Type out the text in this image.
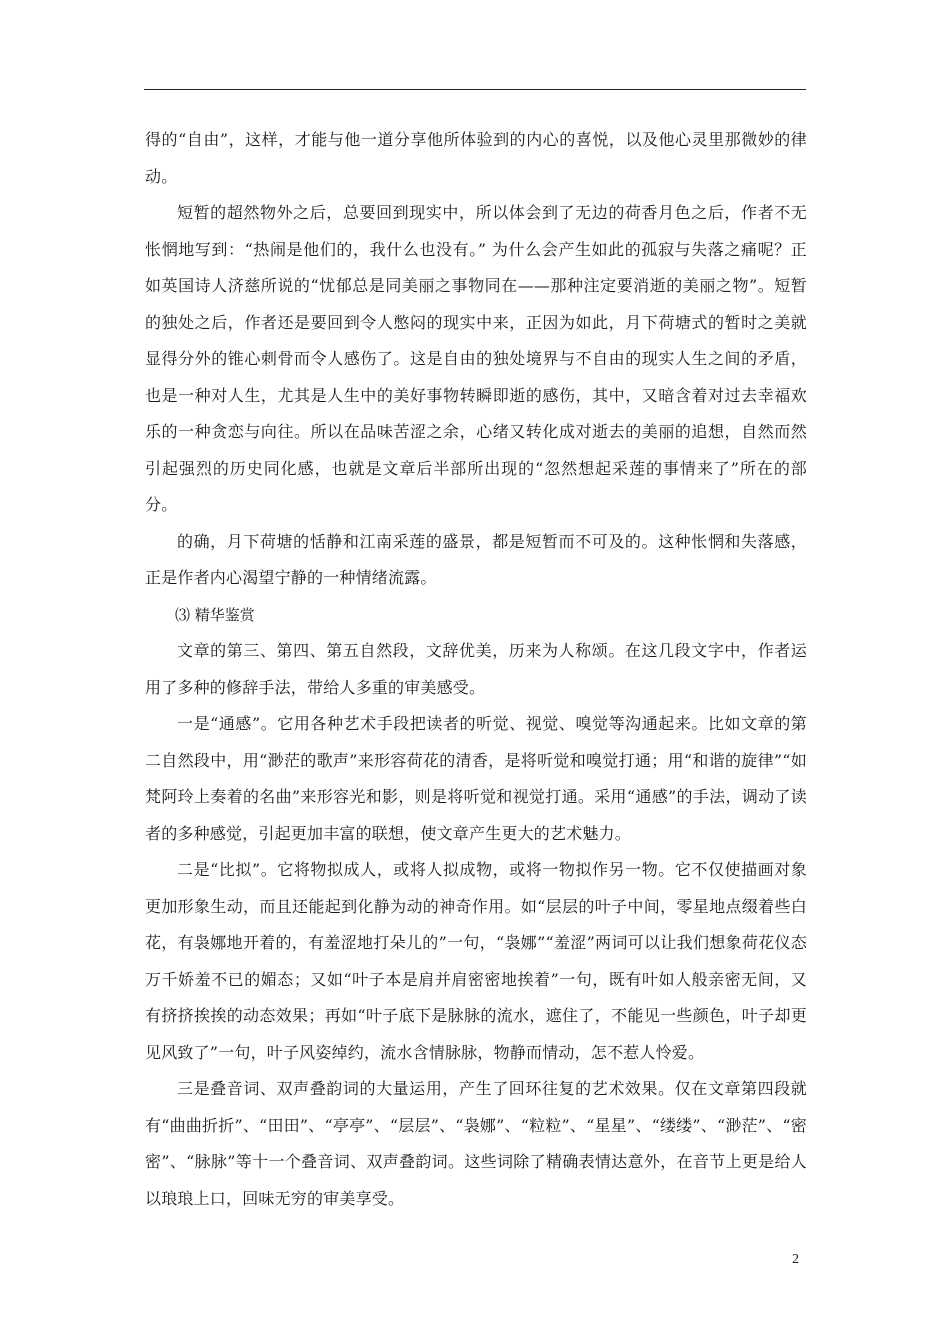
得的“自由”，这样，才能与他一道分享他所体验到的内心的喜悦，以及他心灵里那微妙的律动。

短暂的超然物外之后，总要回到现实中，所以体会到了无边的荷香月色之后，作者不无怅惘地写到：“热闹是他们的，我什么也没有。” 为什么会产生如此的孤寂与失落之痛呢？正如英国诗人济慈所说的“忧郁总是同美丽之事物同在——那种注定要消逝的美丽之物”。短暂的独处之后，作者还是要回到令人憋闷的现实中来，正因为如此，月下荷塘式的暂时之美就显得分外的锥心刺骨而令人感伤了。这是自由的独处境界与不自由的现实人生之间的矛盾，也是一种对人生，尤其是人生中的美好事物转瞬即逝的感伤，其中，又暗含着对过去幸福欢乐的一种贪恋与向往。所以在品味苦涩之余，心绪又转化成对逝去的美丽的追想，自然而然引起强烈的历史同化感，也就是文章后半部所出现的“忽然想起采莲的事情来了”所在的部分。

的确，月下荷塘的恬静和江南采莲的盛景，都是短暂而不可及的。这种怅惘和失落感，正是作者内心渴望宁静的一种情绪流露。

⑶ 精华鉴赏

文章的第三、第四、第五自然段，文辞优美，历来为人称颂。在这几段文字中，作者运用了多种的修辞手法，带给人多重的审美感受。

一是“通感”。它用各种艺术手段把读者的听觉、视觉、嗅觉等沟通起来。比如文章的第二自然段中，用“渺茫的歌声”来形容荷花的清香，是将听觉和嗅觉打通；用“和谐的旋律”“如梵阿玲上奏着的名曲”来形容光和影，则是将听觉和视觉打通。采用“通感”的手法，调动了读者的多种感觉，引起更加丰富的联想，使文章产生更大的艺术魅力。

二是“比拟”。它将物拟成人，或将人拟成物，或将一物拟作另一物。它不仅使描画对象更加形象生动，而且还能起到化静为动的神奇作用。如“层层的叶子中间，零星地点缀着些白花，有袅娜地开着的，有羞涩地打朵儿的”一句，“袅娜”“羞涩”两词可以让我们想象荷花仪态万千娇羞不已的媚态；又如“叶子本是肩并肩密密地挨着”一句，既有叶如人般亲密无间，又有挤挤挨挨的动态效果；再如“叶子底下是脉脉的流水，遮住了，不能见一些颜色，叶子却更见风致了”一句，叶子风姿绰约，流水含情脉脉，物静而情动，怎不惹人怜爱。

三是叠音词、双声叠韵词的大量运用，产生了回环往复的艺术效果。仅在文章第四段就有“曲曲折折”、“田田”、“亭亭”、“层层”、“袅娜”、“粒粒”、“星星”、“缕缕”、“渺茫”、“密密”、“脉脉”等十一个叠音词、双声叠韵词。这些词除了精确表情达意外，在音节上更是给人以琅琅上口，回味无穷的审美享受。

2
